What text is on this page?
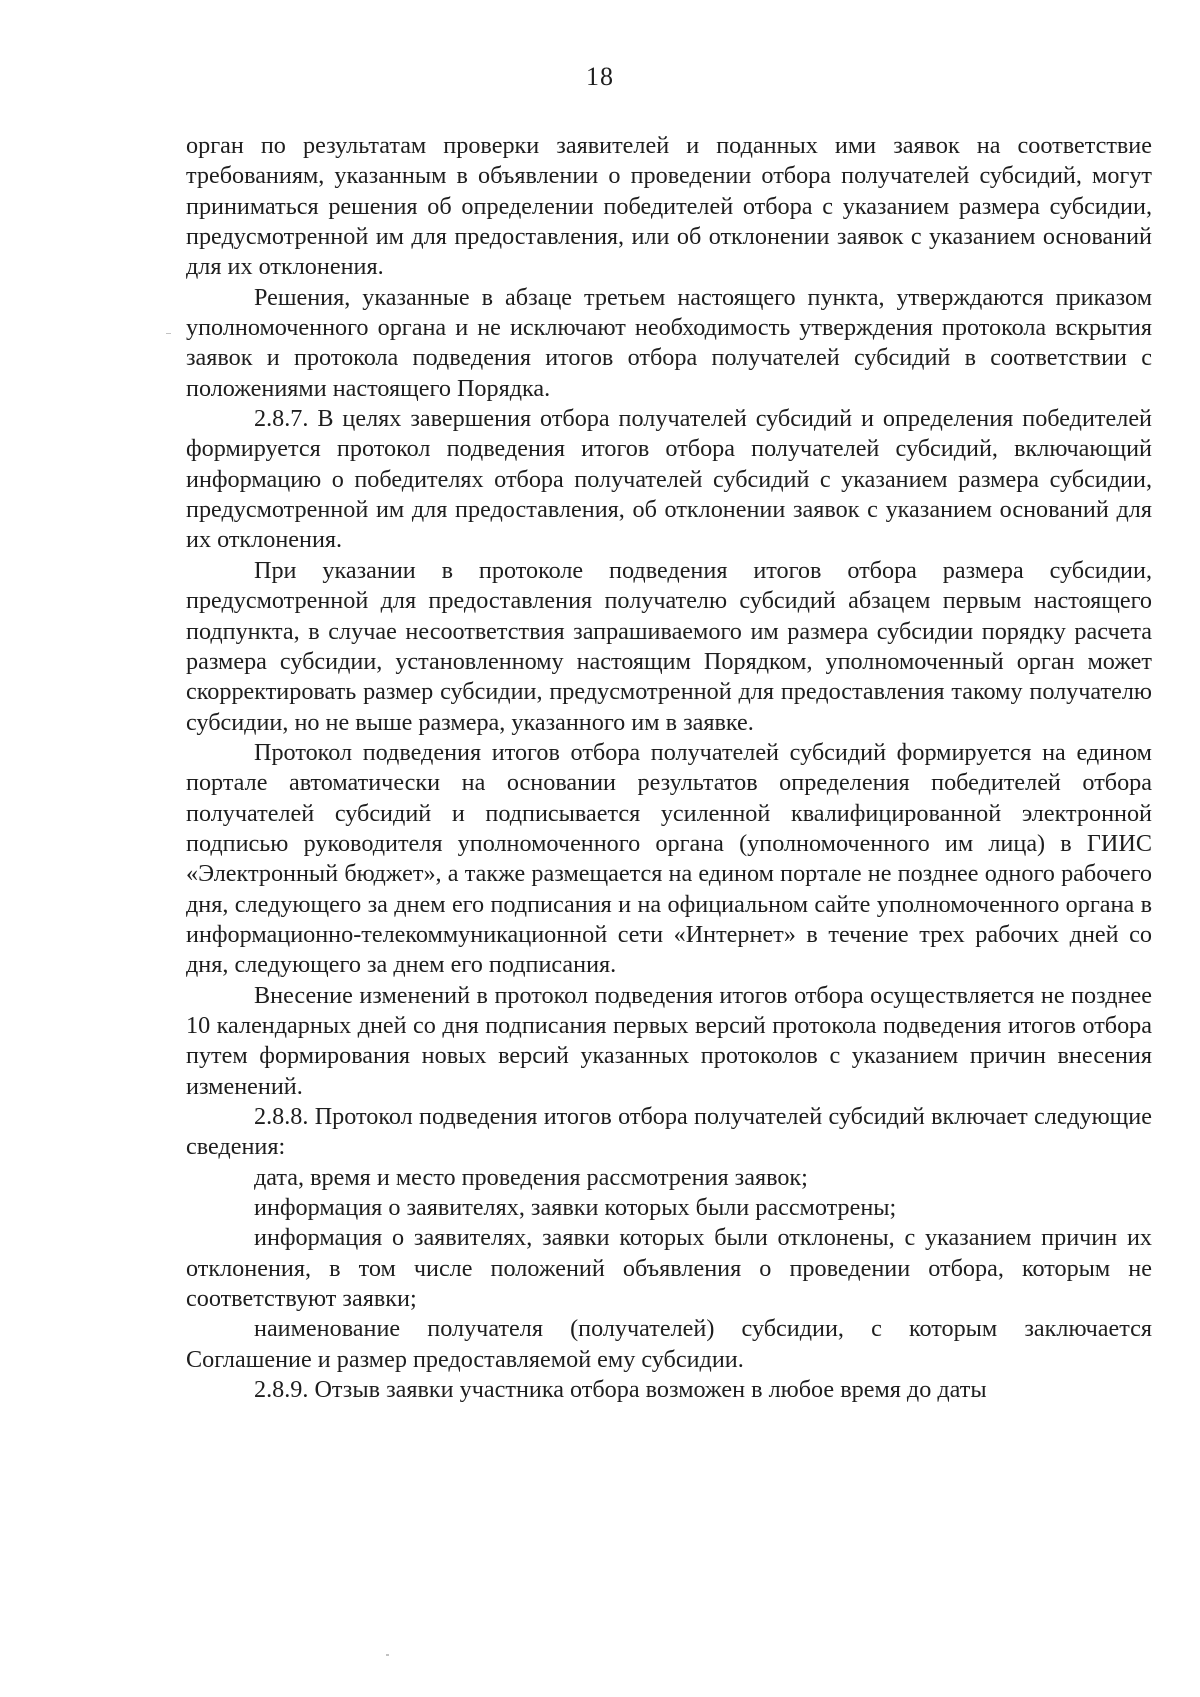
18

орган по результатам проверки заявителей и поданных ими заявок на соответствие требованиям, указанным в объявлении о проведении отбора получателей субсидий, могут приниматься решения об определении победителей отбора с указанием размера субсидии, предусмотренной им для предоставления, или об отклонении заявок с указанием оснований для их отклонения.

Решения, указанные в абзаце третьем настоящего пункта, утверждаются приказом уполномоченного органа и не исключают необходимость утверждения протокола вскрытия заявок и протокола подведения итогов отбора получателей субсидий в соответствии с положениями настоящего Порядка.

2.8.7. В целях завершения отбора получателей субсидий и определения победителей формируется протокол подведения итогов отбора получателей субсидий, включающий информацию о победителях отбора получателей субсидий с указанием размера субсидии, предусмотренной им для предоставления, об отклонении заявок с указанием оснований для их отклонения.

При указании в протоколе подведения итогов отбора размера субсидии, предусмотренной для предоставления получателю субсидий абзацем первым настоящего подпункта, в случае несоответствия запрашиваемого им размера субсидии порядку расчета размера субсидии, установленному настоящим Порядком, уполномоченный орган может скорректировать размер субсидии, предусмотренной для предоставления такому получателю субсидии, но не выше размера, указанного им в заявке.

Протокол подведения итогов отбора получателей субсидий формируется на едином портале автоматически на основании результатов определения победителей отбора получателей субсидий и подписывается усиленной квалифицированной электронной подписью руководителя уполномоченного органа (уполномоченного им лица) в ГИИС «Электронный бюджет», а также размещается на едином портале не позднее одного рабочего дня, следующего за днем его подписания и на официальном сайте уполномоченного органа в информационно-телекоммуникационной сети «Интернет» в течение трех рабочих дней со дня, следующего за днем его подписания.

Внесение изменений в протокол подведения итогов отбора осуществляется не позднее 10 календарных дней со дня подписания первых версий протокола подведения итогов отбора путем формирования новых версий указанных протоколов с указанием причин внесения изменений.

2.8.8. Протокол подведения итогов отбора получателей субсидий включает следующие сведения:

дата, время и место проведения рассмотрения заявок;

информация о заявителях, заявки которых были рассмотрены;

информация о заявителях, заявки которых были отклонены, с указанием причин их отклонения, в том числе положений объявления о проведении отбора, которым не соответствуют заявки;

наименование получателя (получателей) субсидии, с которым заключается Соглашение и размер предоставляемой ему субсидии.

2.8.9. Отзыв заявки участника отбора возможен в любое время до даты
